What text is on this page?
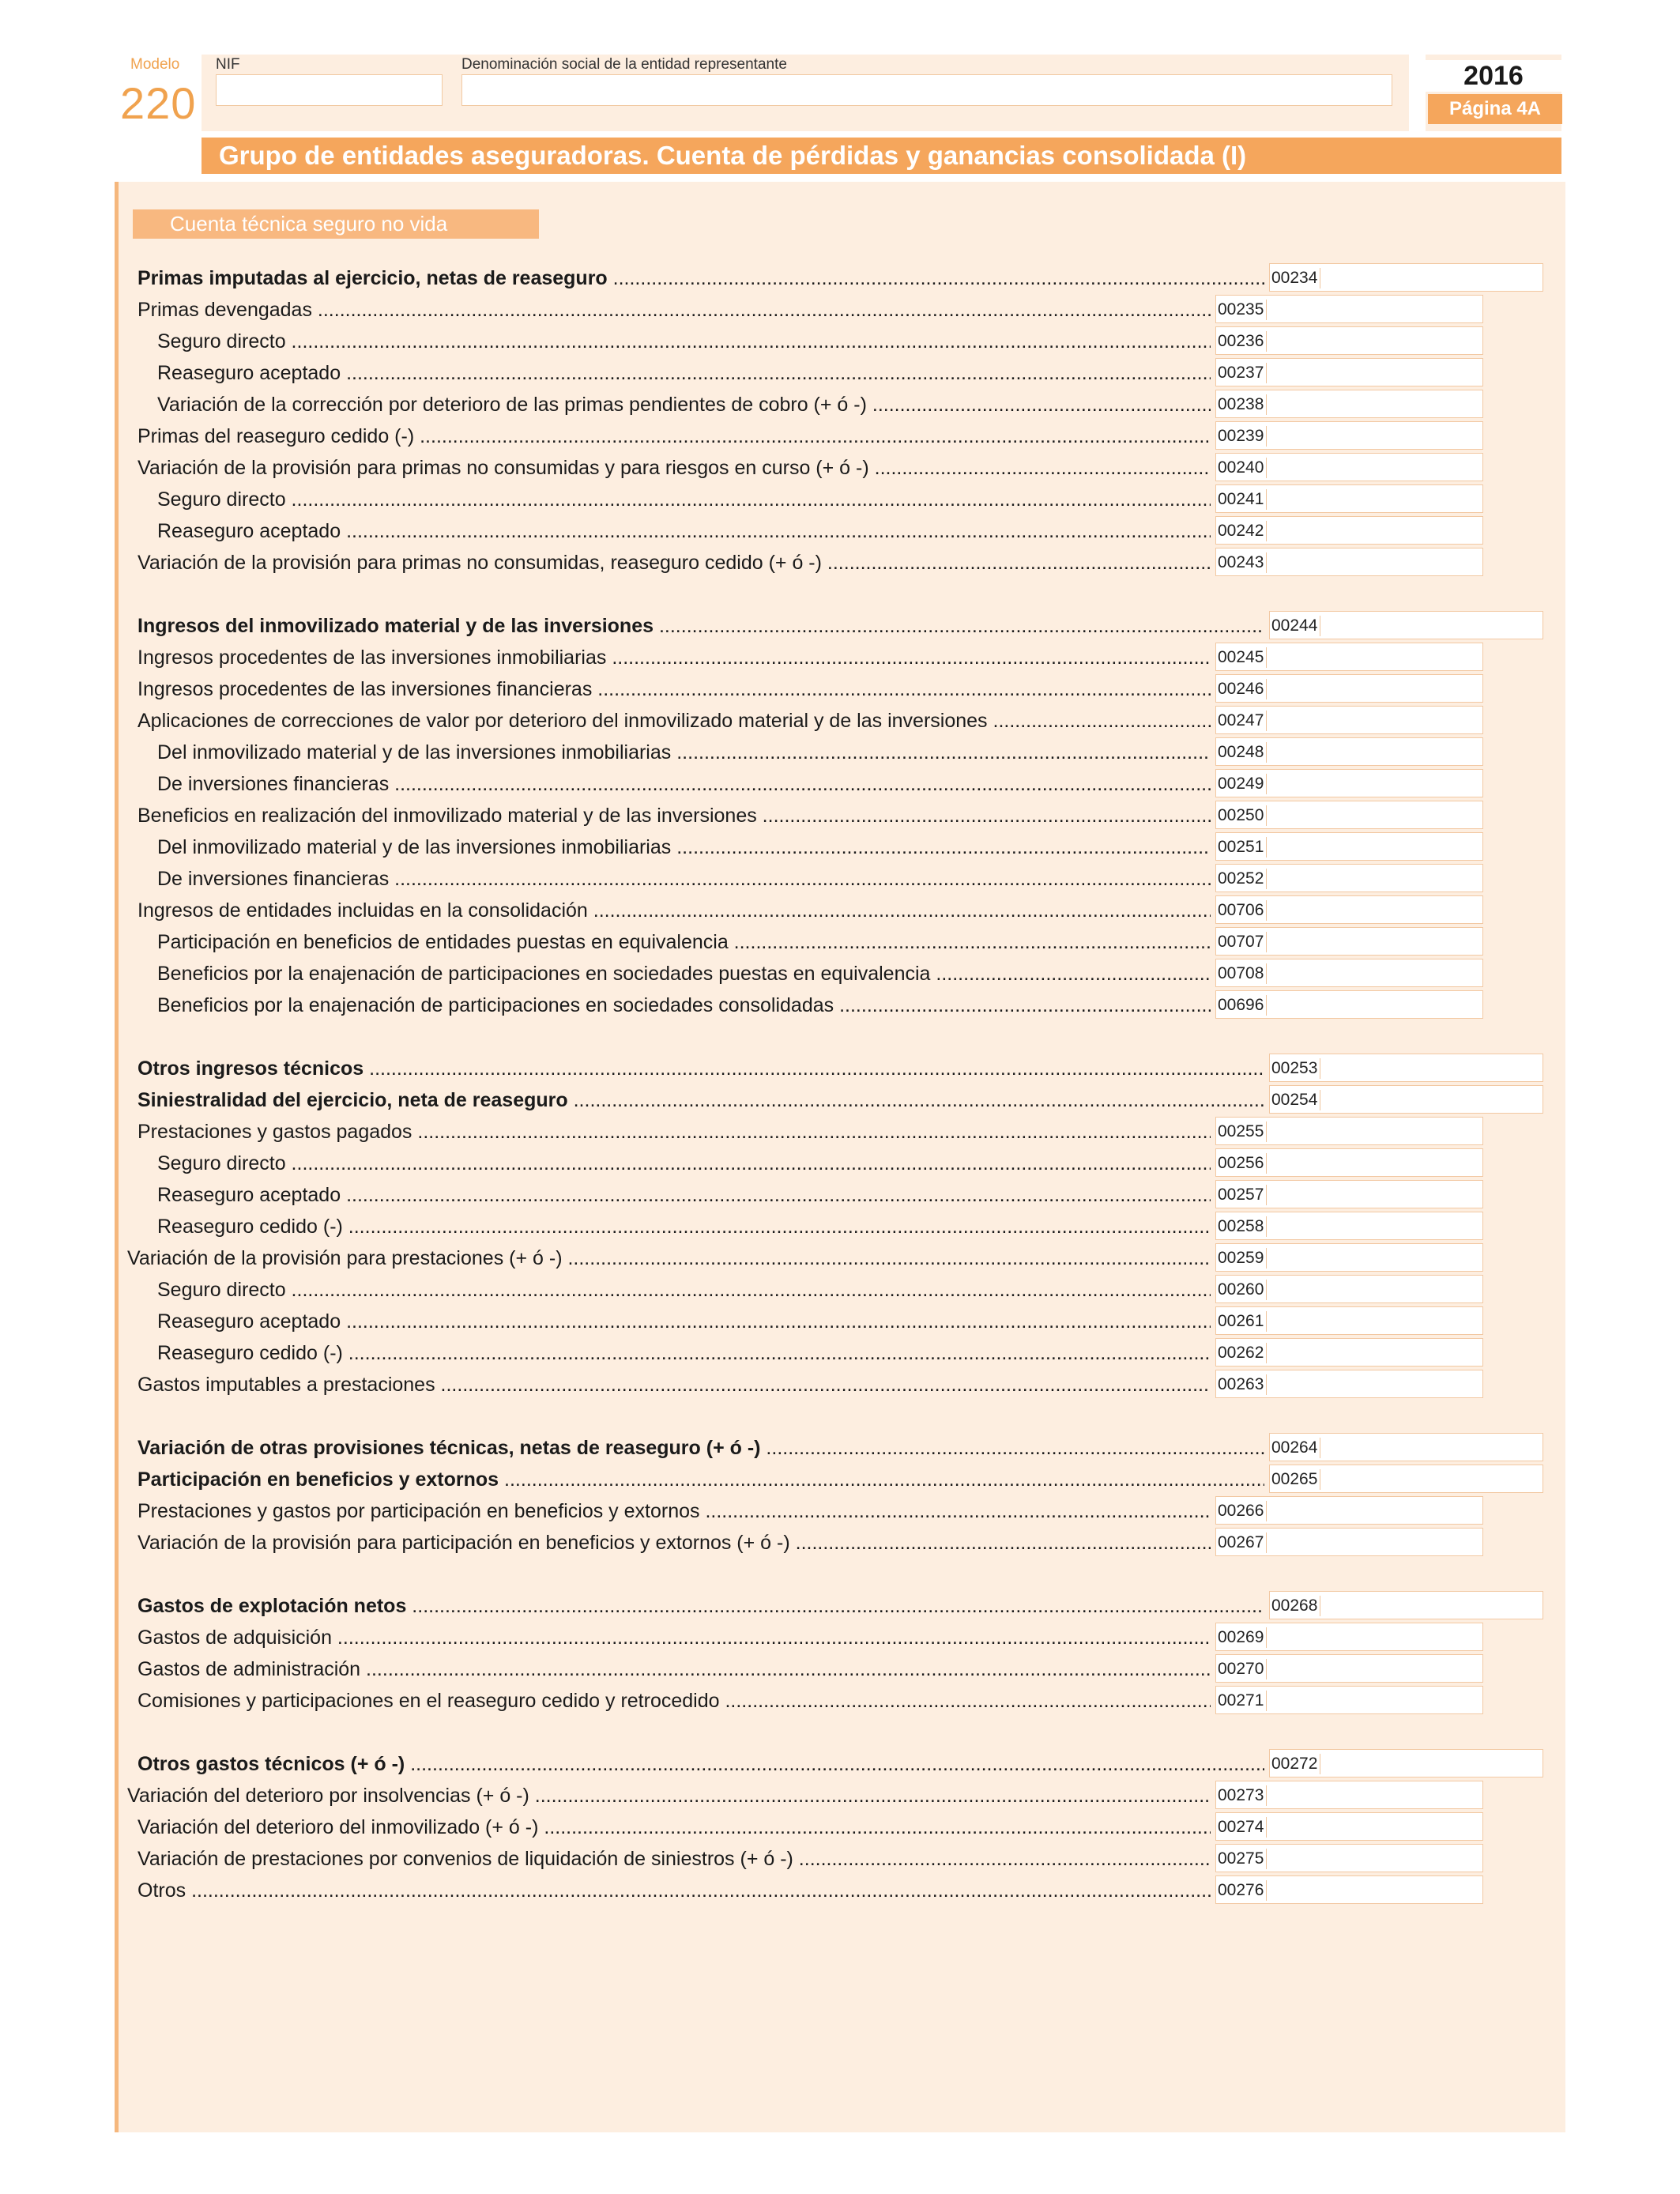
Modelo
220
NIF	Denominación social de la entidad representante	2016
Página 4A
Grupo de entidades aseguradoras. Cuenta de pérdidas y ganancias consolidada (I)
Cuenta técnica seguro no vida
Primas imputadas al ejercicio, netas de reaseguro .....	00234
Primas devengadas .....	00235
Seguro directo .....	00236
Reaseguro aceptado .....	00237
Variación de la corrección por deterioro de las primas pendientes de cobro (+ ó -) .....	00238
Primas del reaseguro cedido (-) .....	00239
Variación de la provisión para primas no consumidas y para riesgos en curso (+ ó -) .....	00240
Seguro directo .....	00241
Reaseguro aceptado .....	00242
Variación de la provisión para primas no consumidas, reaseguro cedido (+ ó -) .....	00243
Ingresos del inmovilizado material y de las inversiones .....	00244
Ingresos procedentes de las inversiones inmobiliarias .....	00245
Ingresos procedentes de las inversiones financieras .....	00246
Aplicaciones de correcciones de valor por deterioro del inmovilizado material y de las inversiones .....	00247
Del inmovilizado material y de las inversiones inmobiliarias .....	00248
De inversiones financieras .....	00249
Beneficios en realización del inmovilizado material y de las inversiones .....	00250
Del inmovilizado material y de las inversiones inmobiliarias .....	00251
De inversiones financieras .....	00252
Ingresos de entidades incluidas en la consolidación .....	00706
Participación en beneficios de entidades puestas en equivalencia .....	00707
Beneficios por la enajenación de participaciones en sociedades puestas en equivalencia .....	00708
Beneficios por la enajenación de participaciones en sociedades consolidadas .....	00696
Otros ingresos técnicos .....	00253
Siniestralidad del ejercicio, neta de reaseguro .....	00254
Prestaciones y gastos pagados .....	00255
Seguro directo .....	00256
Reaseguro aceptado .....	00257
Reaseguro cedido (-) .....	00258
Variación de la provisión para prestaciones (+ ó -) .....	00259
Seguro directo .....	00260
Reaseguro aceptado .....	00261
Reaseguro cedido (-) .....	00262
Gastos imputables a prestaciones .....	00263
Variación de otras provisiones técnicas, netas de reaseguro (+ ó -) .....	00264
Participación en beneficios y extornos .....	00265
Prestaciones y gastos por participación en beneficios y extornos .....	00266
Variación de la provisión para participación en beneficios y extornos (+ ó -) .....	00267
Gastos de explotación netos .....	00268
Gastos de adquisición .....	00269
Gastos de administración .....	00270
Comisiones y participaciones en el reaseguro cedido y retrocedido .....	00271
Otros gastos técnicos (+ ó -) .....	00272
Variación del deterioro por insolvencias (+ ó -) .....	00273
Variación del deterioro del inmovilizado (+ ó -) .....	00274
Variación de prestaciones por convenios de liquidación de siniestros (+ ó -) .....	00275
Otros .....	00276
